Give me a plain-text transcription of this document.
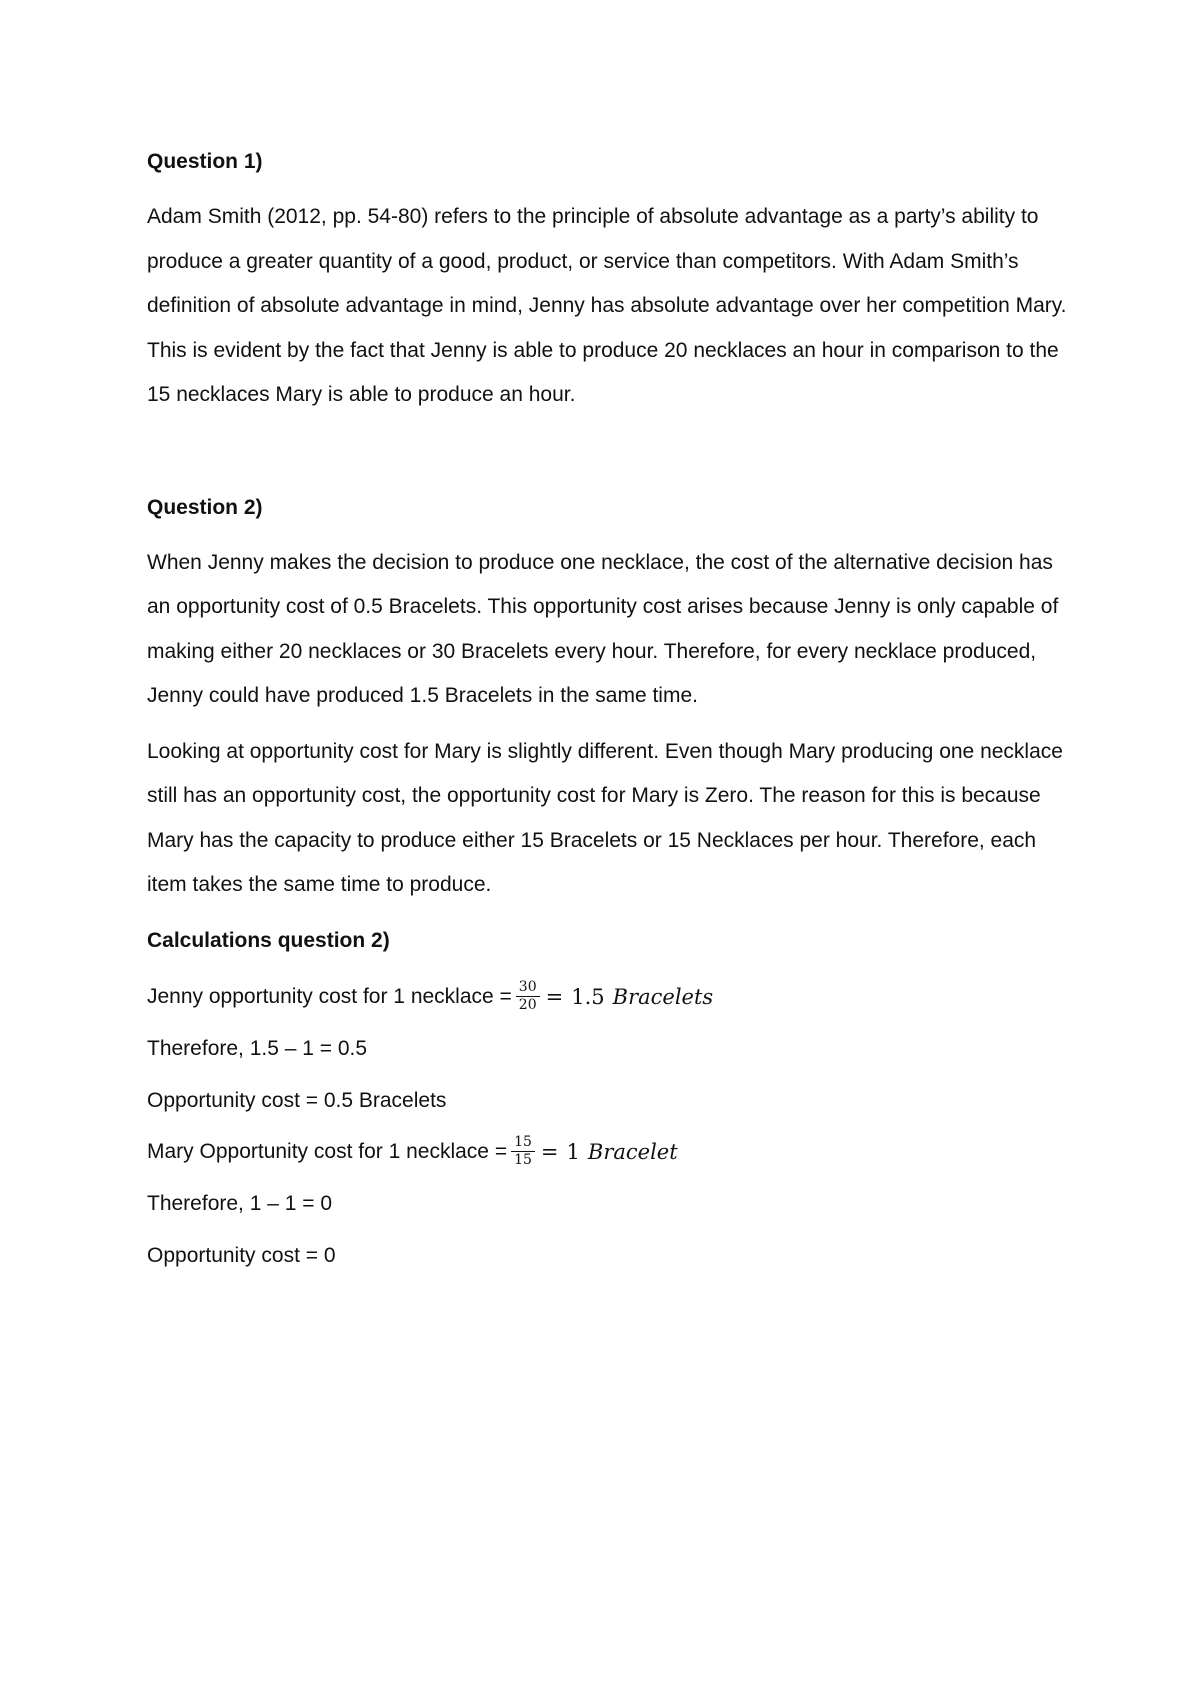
Question 1)

Adam Smith (2012, pp. 54-80) refers to the principle of absolute advantage as a party’s ability to produce a greater quantity of a good, product, or service than competitors. With Adam Smith’s definition of absolute advantage in mind, Jenny has absolute advantage over her competition Mary. This is evident by the fact that Jenny is able to produce 20 necklaces an hour in comparison to the 15 necklaces Mary is able to produce an hour.

Question 2)

When Jenny makes the decision to produce one necklace, the cost of the alternative decision has an opportunity cost of 0.5 Bracelets. This opportunity cost arises because Jenny is only capable of making either 20 necklaces or 30 Bracelets every hour. Therefore, for every necklace produced, Jenny could have produced 1.5 Bracelets in the same time.

Looking at opportunity cost for Mary is slightly different. Even though Mary producing one necklace still has an opportunity cost, the opportunity cost for Mary is Zero. The reason for this is because Mary has the capacity to produce either 15 Bracelets or 15 Necklaces per hour. Therefore, each item takes the same time to produce.

Calculations question 2)

Jenny opportunity cost for 1 necklace = $\frac{30}{20} = 1.5$ Bracelets

Therefore, 1.5 – 1 = 0.5

Opportunity cost = 0.5 Bracelets

Mary Opportunity cost for 1 necklace = $\frac{15}{15} = 1$ Bracelet

Therefore, 1 – 1 = 0

Opportunity cost = 0
